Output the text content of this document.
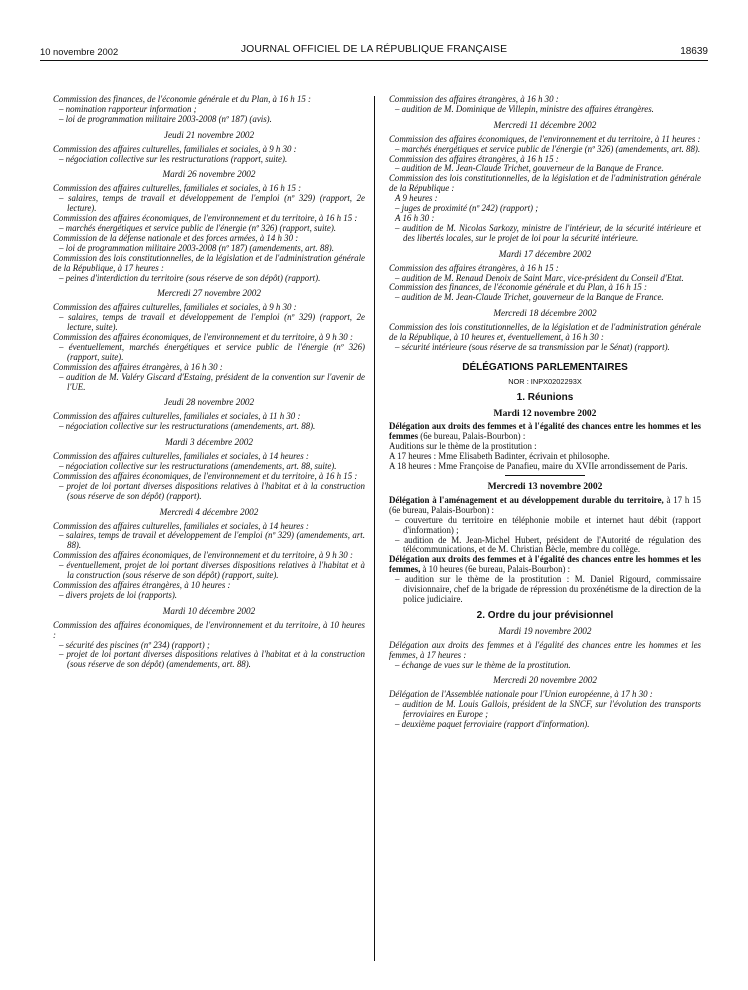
10 novembre 2002	JOURNAL OFFICIEL DE LA RÉPUBLIQUE FRANÇAISE	18639
Commission des finances, de l'économie générale et du Plan, à 16 h 15 :
– nomination rapporteur information ;
– loi de programmation militaire 2003-2008 (nº 187) (avis).
Jeudi 21 novembre 2002
Commission des affaires culturelles, familiales et sociales, à 9 h 30 :
– négociation collective sur les restructurations (rapport, suite).
Mardi 26 novembre 2002
Commission des affaires culturelles, familiales et sociales, à 16 h 15 :
– salaires, temps de travail et développement de l'emploi (nº 329) (rapport, 2e lecture).
Commission des affaires économiques, de l'environnement et du territoire, à 16 h 15 :
– marchés énergétiques et service public de l'énergie (nº 326) (rapport, suite).
Commission de la défense nationale et des forces armées, à 14 h 30 :
– loi de programmation militaire 2003-2008 (nº 187) (amendements, art. 88).
Commission des lois constitutionnelles, de la législation et de l'administration générale de la République, à 17 heures :
– peines d'interdiction du territoire (sous réserve de son dépôt) (rapport).
Mercredi 27 novembre 2002
Commission des affaires culturelles, familiales et sociales, à 9 h 30 :
– salaires, temps de travail et développement de l'emploi (nº 329) (rapport, 2e lecture, suite).
Commission des affaires économiques, de l'environnement et du territoire, à 9 h 30 :
– éventuellement, marchés énergétiques et service public de l'énergie (nº 326) (rapport, suite).
Commission des affaires étrangères, à 16 h 30 :
– audition de M. Valéry Giscard d'Estaing, président de la convention sur l'avenir de l'UE.
Jeudi 28 novembre 2002
Commission des affaires culturelles, familiales et sociales, à 11 h 30 :
– négociation collective sur les restructurations (amendements, art. 88).
Mardi 3 décembre 2002
Commission des affaires culturelles, familiales et sociales, à 14 heures :
– négociation collective sur les restructurations (amendements, art. 88, suite).
Commission des affaires économiques, de l'environnement et du territoire, à 16 h 15 :
– projet de loi portant diverses dispositions relatives à l'habitat et à la construction (sous réserve de son dépôt) (rapport).
Mercredi 4 décembre 2002
Commission des affaires culturelles, familiales et sociales, à 14 heures :
– salaires, temps de travail et développement de l'emploi (nº 329) (amendements, art. 88).
Commission des affaires économiques, de l'environnement et du territoire, à 9 h 30 :
– éventuellement, projet de loi portant diverses dispositions relatives à l'habitat et à la construction (sous réserve de son dépôt) (rapport, suite).
Commission des affaires étrangères, à 10 heures :
– divers projets de loi (rapports).
Mardi 10 décembre 2002
Commission des affaires économiques, de l'environnement et du territoire, à 10 heures :
– sécurité des piscines (nº 234) (rapport) ;
– projet de loi portant diverses dispositions relatives à l'habitat et à la construction (sous réserve de son dépôt) (amendements, art. 88).
Commission des affaires étrangères, à 16 h 30 :
– audition de M. Dominique de Villepin, ministre des affaires étrangères.
Mercredi 11 décembre 2002
Commission des affaires économiques, de l'environnement et du territoire, à 11 heures :
– marchés énergétiques et service public de l'énergie (nº 326) (amendements, art. 88).
Commission des affaires étrangères, à 16 h 15 :
– audition de M. Jean-Claude Trichet, gouverneur de la Banque de France.
Commission des lois constitutionnelles, de la législation et de l'administration générale de la République :
A 9 heures :
– juges de proximité (nº 242) (rapport) ;
A 16 h 30 :
– audition de M. Nicolas Sarkozy, ministre de l'intérieur, de la sécurité intérieure et des libertés locales, sur le projet de loi pour la sécurité intérieure.
Mardi 17 décembre 2002
Commission des affaires étrangères, à 16 h 15 :
– audition de M. Renaud Denoix de Saint Marc, vice-président du Conseil d'Etat.
Commission des finances, de l'économie générale et du Plan, à 16 h 15 :
– audition de M. Jean-Claude Trichet, gouverneur de la Banque de France.
Mercredi 18 décembre 2002
Commission des lois constitutionnelles, de la législation et de l'administration générale de la République, à 10 heures et, éventuellement, à 16 h 30 :
– sécurité intérieure (sous réserve de sa transmission par le Sénat) (rapport).
DÉLÉGATIONS PARLEMENTAIRES
NOR : INPX0202293X
1. Réunions
Mardi 12 novembre 2002
Délégation aux droits des femmes et à l'égalité des chances entre les hommes et les femmes (6e bureau, Palais-Bourbon) :
Auditions sur le thème de la prostitution :
A 17 heures : Mme Elisabeth Badinter, écrivain et philosophe.
A 18 heures : Mme Françoise de Panafieu, maire du XVIIe arrondissement de Paris.
Mercredi 13 novembre 2002
Délégation à l'aménagement et au développement durable du territoire, à 17 h 15 (6e bureau, Palais-Bourbon) :
– couverture du territoire en téléphonie mobile et internet haut débit (rapport d'information) ;
– audition de M. Jean-Michel Hubert, président de l'Autorité de régulation des télécommunications, et de M. Christian Bècle, membre du collège.
Délégation aux droits des femmes et à l'égalité des chances entre les hommes et les femmes, à 10 heures (6e bureau, Palais-Bourbon) :
– audition sur le thème de la prostitution : M. Daniel Rigourd, commissaire divisionnaire, chef de la brigade de répression du proxénétisme de la direction de la police judiciaire.
2. Ordre du jour prévisionnel
Mardi 19 novembre 2002
Délégation aux droits des femmes et à l'égalité des chances entre les hommes et les femmes, à 17 heures :
– échange de vues sur le thème de la prostitution.
Mercredi 20 novembre 2002
Délégation de l'Assemblée nationale pour l'Union européenne, à 17 h 30 :
– audition de M. Louis Gallois, président de la SNCF, sur l'évolution des transports ferroviaires en Europe ;
– deuxième paquet ferroviaire (rapport d'information).
